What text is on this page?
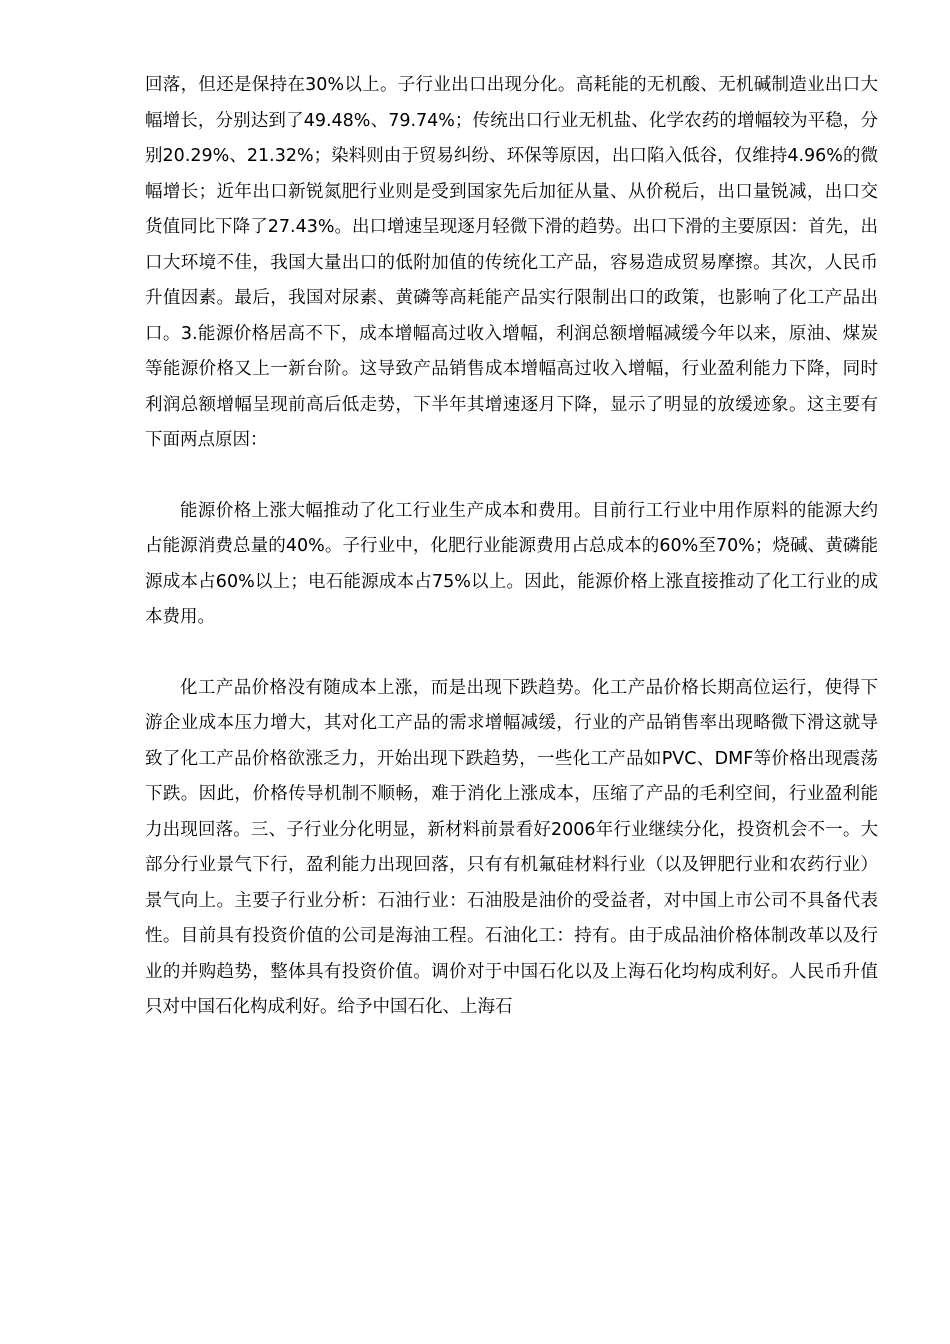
回落，但还是保持在30%以上。子行业出口出现分化。高耗能的无机酸、无机碱制造业出口大幅增长，分别达到了49.48%、79.74%；传统出口行业无机盐、化学农药的增幅较为平稳，分别20.29%、21.32%；染料则由于贸易纠纷、环保等原因，出口陷入低谷，仅维持4.96%的微幅增长；近年出口新锐氮肥行业则是受到国家先后加征从量、从价税后，出口量锐减，出口交货值同比下降了27.43%。出口增速呈现逐月轻微下滑的趋势。出口下滑的主要原因：首先，出口大环境不佳，我国大量出口的低附加值的传统化工产品，容易造成贸易摩擦。其次，人民币升值因素。最后，我国对尿素、黄磷等高耗能产品实行限制出口的政策，也影响了化工产品出口。3.能源价格居高不下，成本增幅高过收入增幅，利润总额增幅减缓今年以来，原油、煤炭等能源价格又上一新台阶。这导致产品销售成本增幅高过收入增幅，行业盈利能力下降，同时利润总额增幅呈现前高后低走势，下半年其增速逐月下降，显示了明显的放缓迹象。这主要有下面两点原因：

能源价格上涨大幅推动了化工行业生产成本和费用。目前行工行业中用作原料的能源大约占能源消费总量的40%。子行业中，化肥行业能源费用占总成本的60%至70%；烧碱、黄磷能源成本占60%以上；电石能源成本占75%以上。因此，能源价格上涨直接推动了化工行业的成本费用。

化工产品价格没有随成本上涨，而是出现下跌趋势。化工产品价格长期高位运行，使得下游企业成本压力增大，其对化工产品的需求增幅减缓，行业的产品销售率出现略微下滑这就导致了化工产品价格欲涨乏力，开始出现下跌趋势，一些化工产品如PVC、DMF等价格出现震荡下跌。因此，价格传导机制不顺畅，难于消化上涨成本，压缩了产品的毛利空间，行业盈利能力出现回落。三、子行业分化明显，新材料前景看好2006年行业继续分化，投资机会不一。大部分行业景气下行，盈利能力出现回落，只有有机氟硅材料行业（以及钾肥行业和农药行业）景气向上。主要子行业分析：石油行业：石油股是油价的受益者，对中国上市公司不具备代表性。目前具有投资价值的公司是海油工程。石油化工：持有。由于成品油价格体制改革以及行业的并购趋势，整体具有投资价值。调价对于中国石化以及上海石化均构成利好。人民币升值只对中国石化构成利好。给予中国石化、上海石
